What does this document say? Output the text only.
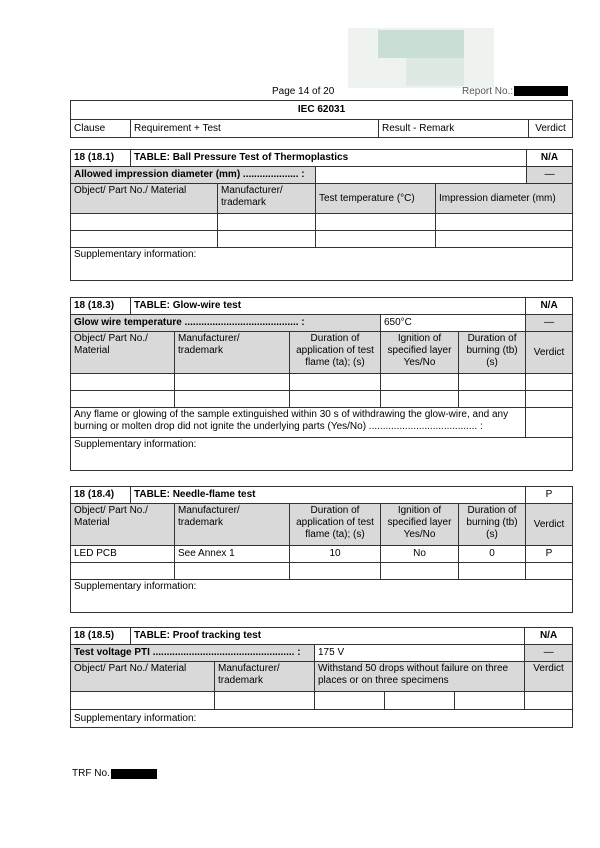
Page 14 of 20	Report No.:
IEC 62031
Clause	Requirement + Test	Result - Remark	Verdict
18 (18.1)	TABLE: Ball Pressure Test of Thermoplastics				N/A
Allowed impression diameter (mm) .................... :					—
Object/ Part No./ Material		Manufacturer/ trademark	Test temperature (°C)	Impression diameter (mm)	

Supplementary information:					
18 (18.3)	TABLE: Glow-wire test					N/A
Glow wire temperature ......................................... :				650°C		—
Object/ Part No./ Material		Manufacturer/ trademark	Duration of application of test flame (ta); (s)	Ignition of specified layer Yes/No	Duration of burning (tb) (s)	Verdict

Any flame or glowing of the sample extinguished within 30 s of withdrawing the glow-wire, and any burning or molten drop did not ignite the underlying parts (Yes/No) ....................................... :						
Supplementary information:						
18 (18.4)	TABLE: Needle-flame test					P
Object/ Part No./ Material		Manufacturer/ trademark	Duration of application of test flame (ta); (s)	Ignition of specified layer Yes/No	Duration of burning (tb) (s)	Verdict
LED PCB		See Annex 1	10	No	0	P

Supplementary information:						
18 (18.5)	TABLE: Proof tracking test					N/A
Test voltage PTI ................................................... :			175 V			—
Object/ Part No./ Material		Manufacturer/ trademark	Withstand 50 drops without failure on three places or on three specimens			Verdict

Supplementary information:						
TRF No.
